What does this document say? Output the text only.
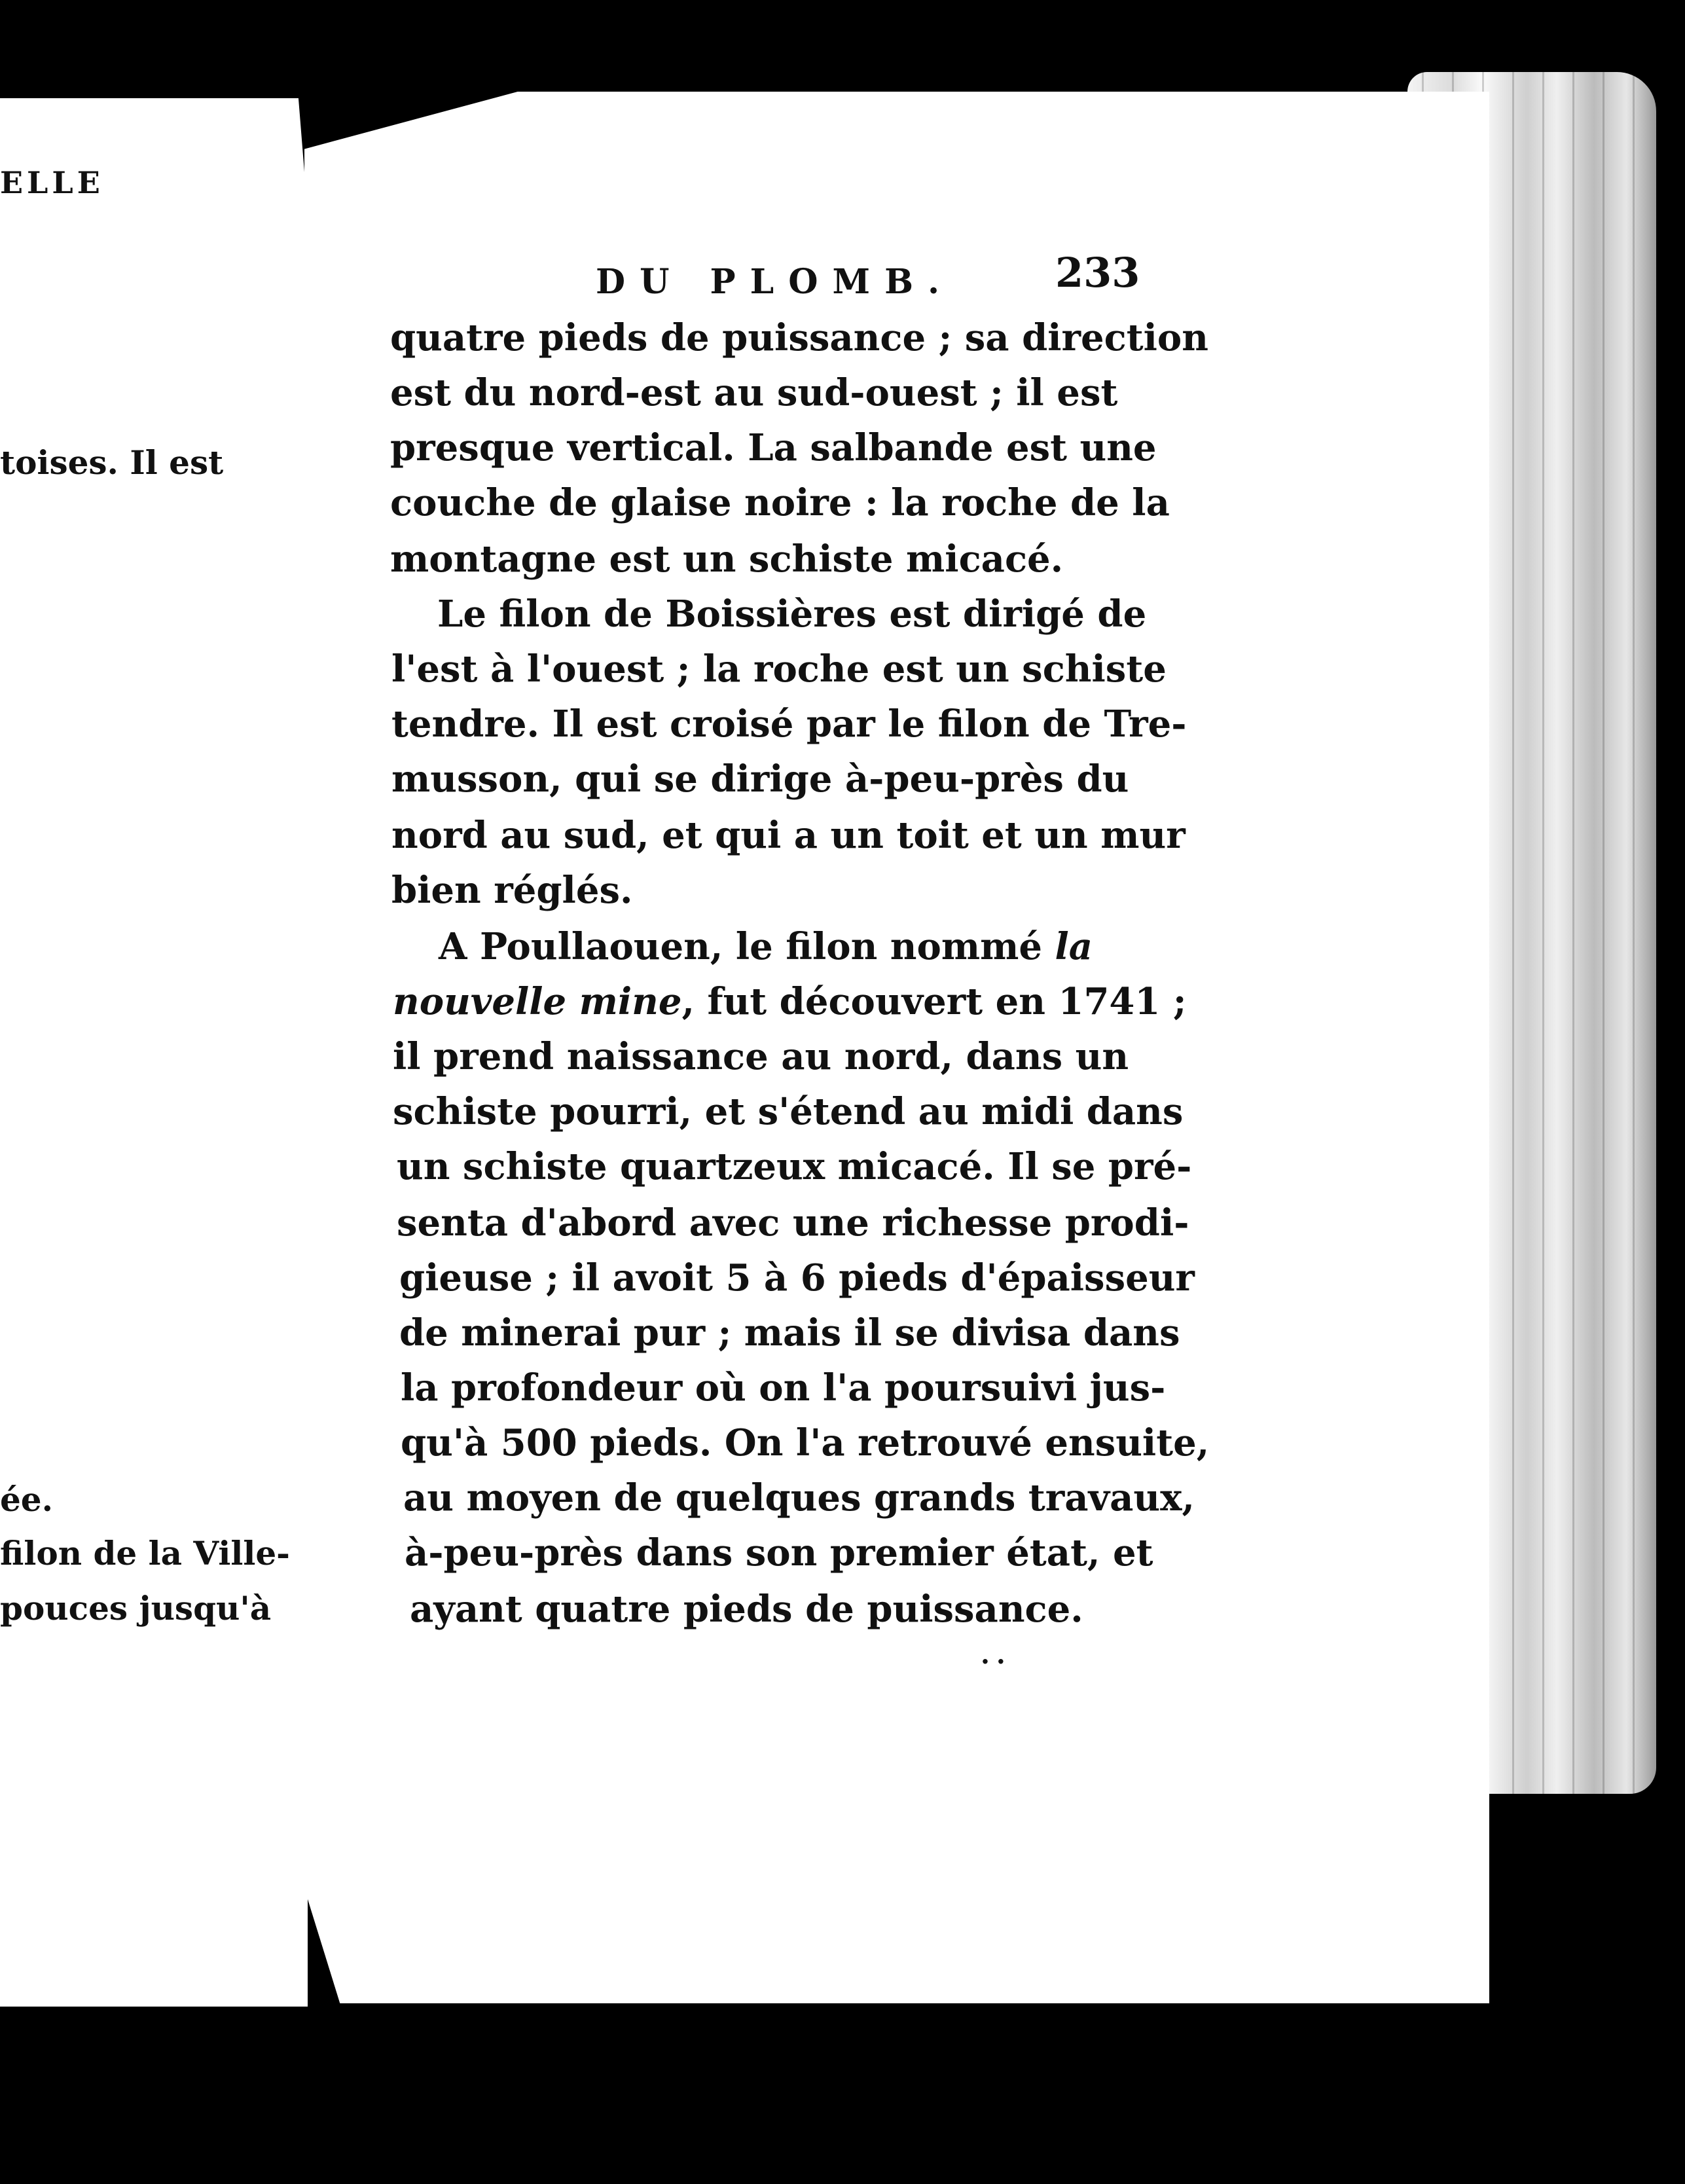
ELLE

toises. Il est

ée.

filon de la Ville-

pouces jusqu'à

DU PLOMB. 233

quatre pieds de puissance ; sa direction

est du nord-est au sud-ouest ; il est

presque vertical. La salbande est une

couche de glaise noire : la roche de la

montagne est un schiste micacé.

Le filon de Boissières est dirigé de

l'est à l'ouest ; la roche est un schiste

tendre. Il est croisé par le filon de Tre-

musson, qui se dirige à-peu-près du

nord au sud, et qui a un toit et un mur

bien réglés.

A Poullaouen, le filon nommé la

nouvelle mine, fut découvert en 1741 ;

il prend naissance au nord, dans un

schiste pourri, et s'étend au midi dans

un schiste quartzeux micacé. Il se pré-

senta d'abord avec une richesse prodi-

gieuse ; il avoit 5 à 6 pieds d'épaisseur

de minerai pur ; mais il se divisa dans

la profondeur où on l'a poursuivi jus-

qu'à 500 pieds. On l'a retrouvé ensuite,

au moyen de quelques grands travaux,

à-peu-près dans son premier état, et

ayant quatre pieds de puissance.

··
